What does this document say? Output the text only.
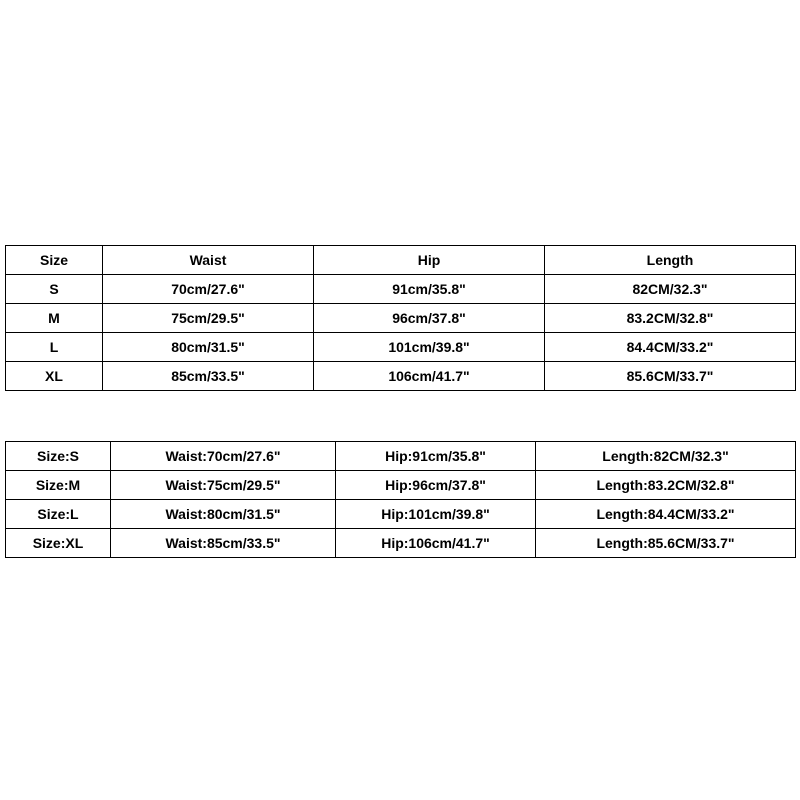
Size	Waist	Hip	Length
S	70cm/27.6"	91cm/35.8"	82CM/32.3"
M	75cm/29.5"	96cm/37.8"	83.2CM/32.8"
L	80cm/31.5"	101cm/39.8"	84.4CM/33.2"
XL	85cm/33.5"	106cm/41.7"	85.6CM/33.7"
Size:S	Waist:70cm/27.6"	Hip:91cm/35.8"	Length:82CM/32.3"
Size:M	Waist:75cm/29.5"	Hip:96cm/37.8"	Length:83.2CM/32.8"
Size:L	Waist:80cm/31.5"	Hip:101cm/39.8"	Length:84.4CM/33.2"
Size:XL	Waist:85cm/33.5"	Hip:106cm/41.7"	Length:85.6CM/33.7"
